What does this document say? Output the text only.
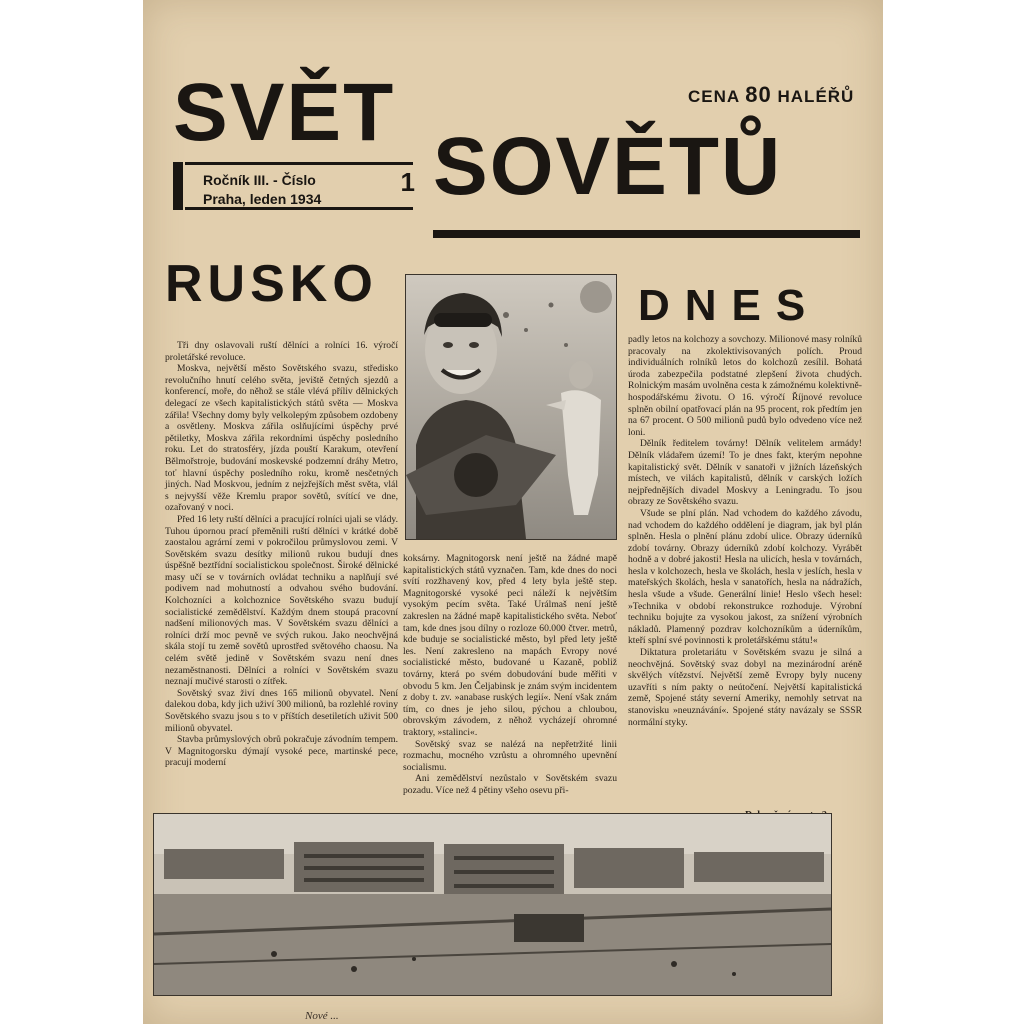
SVĚT	CENA 80 HALÉŘŮ
Ročník III. - Číslo
Praha, leden 1934
1 SOVĚTŮ
RUSKO	DNES

Tři dny oslavovali ruští dělníci a rolníci 16. výročí proletářské revoluce.

Moskva, největší město Sovětského svazu, středisko revolučního hnutí celého světa, jeviště četných sjezdů a konferencí, moře, do něhož se stále vlévá příliv dělnických delegací ze všech kapitalistických států světa — Moskva zářila! Všechny domy byly velkolepým způsobem ozdobeny a osvětleny. Moskva zářila oslňujícími úspěchy prvé pětiletky, Moskva zářila rekordními úspěchy posledního roku. Let do stratosféry, jízda pouští Karakum, otevření Bělmořstroje, budování moskevské podzemní dráhy Metro, toť hlavní úspěchy posledního roku, kromě nesčetných jiných. Nad Moskvou, jedním z nejzřejších měst světa, vlál s nejvyšší věže Kremlu prapor sovětů, svítící ve dne, ozařovaný v noci.

Před 16 lety ruští dělníci a pracující rolníci ujali se vlády. Tuhou úpornou prací přeměnili ruští dělníci v krátké době zaostalou agrární zemi v pokročilou průmyslovou zemi. V Sovětském svazu desítky milionů rukou budují dnes úspěšně beztřídní socialistickou společnost. Široké dělnické masy učí se v továrních ovládat techniku a naplňují své podivem nad mohutností a odvahou svého budování. Kolchozníci a kolchoznice Sovětského svazu budují socialistické zemědělství. Každým dnem stoupá pracovní nadšení milionových mas. V Sovětském svazu dělníci a rolníci drží moc pevně ve svých rukou. Jako neochvějná skála stojí tu země sovětů uprostřed světového chaosu. Na celém světě jedině v Sovětském svazu není dnes nezaměstnanosti. Dělníci a rolníci v Sovětském svazu neznají mučivé starosti o zítřek.

Sovětský svaz živí dnes 165 milionů obyvatel. Není dalekou doba, kdy jich uživí 300 milionů, ba rozlehlé roviny Sovětského svazu jsou s to v příštích desetiletích uživit 500 milionů obyvatel.

Stavba průmyslových obrů pokračuje závodním tempem. V Magnitogorsku dýmají vysoké pece, martinské pece, pracují moderní

koksárny. Magnitogorsk není ještě na žádné mapě kapitalistických států vyznačen. Tam, kde dnes do noci svítí rozžhavený kov, před 4 lety byla ještě step. Magnitogorské vysoké peci náleží k největším vysokým pecím světa. Také Urálmaš není ještě zakreslen na žádné mapě kapitalistického světa. Neboť tam, kde dnes jsou dílny o rozloze 60.000 čtver. metrů, kde buduje se socialistické město, byl před lety ještě les. Není zakresleno na mapách Evropy nové socialistické město, budované u Kazaně, pobliž továrny, která po svém dobudování bude měřiti v obvodu 5 km. Jen Čeljabinsk je znám svým incidentem z doby t. zv. »anabase ruských legií«. Není však znám tím, co dnes je jeho silou, pýchou a chloubou, obrovským závodem, z něhož vycházejí ohromné traktory, »stalinci«.

Sovětský svaz se nalézá na nepřetržité linii rozmachu, mocného vzrůstu a ohromného upevnění socialismu.

Ani zemědělství nezůstalo v Sovětském svazu pozadu. Více než 4 pětiny všeho osevu při-

padly letos na kolchozy a sovchozy. Milionové masy rolníků pracovaly na zkolektivisovaných polích. Proud individuálních rolníků letos do kolchozů zesílil. Bohatá úroda zabezpečila podstatné zlepšení života chudých. Rolnickým masám uvolněna cesta k zámožnému kolektivně-hospodářskému životu. O 16. výročí Říjnové revoluce splněn obilní opatřovací plán na 95 procent, rok předtím jen na 67 procent. O 500 milionů pudů bylo odvedeno více než loni.

Dělník ředitelem továrny! Dělník velitelem armády! Dělník vládařem území! To je dnes fakt, kterým nepohne kapitalistický svět. Dělník v sanatoři v jižních lázeňských místech, ve vilách kapitalistů, dělník v carských ložích nejpřednějších divadel Moskvy a Leningradu. To jsou obrazy ze Sovětského svazu.

Všude se plní plán. Nad vchodem do každého závodu, nad vchodem do každého oddělení je diagram, jak byl plán splněn. Hesla o plnění plánu zdobí ulice. Obrazy úderníků zdobí továrny. Obrazy úderníků zdobí kolchozy. Vyrábět hodně a v dobré jakosti! Hesla na ulicích, hesla v továrnách, hesla v kolchozech, hesla ve školách, hesla v jeslích, hesla v mateřských školách, hesla v sanatořích, hesla na nádražích, hesla všude a všude. Generální linie! Heslo všech hesel: »Technika v období rekonstrukce rozhoduje. Výrobní techniku bojujte za vysokou jakost, za snížení výrobních nákladů. Plamenný pozdrav kolchozníkům a úderníkům, kteří splní své povinnosti k proletářskému státu!«

Diktatura proletariátu v Sovětském svazu je silná a neochvějná. Sovětský svaz dobyl na mezinárodní aréně skvělých vítězství. Největší země Evropy byly nuceny uzavříti s ním pakty o neútočení. Největší kapitalistická země, Spojené státy severní Ameriky, nemohly setrvat na stanovisku »neuznávání«. Spojené státy navázaly se SSSR normální styky.

Nové ...
